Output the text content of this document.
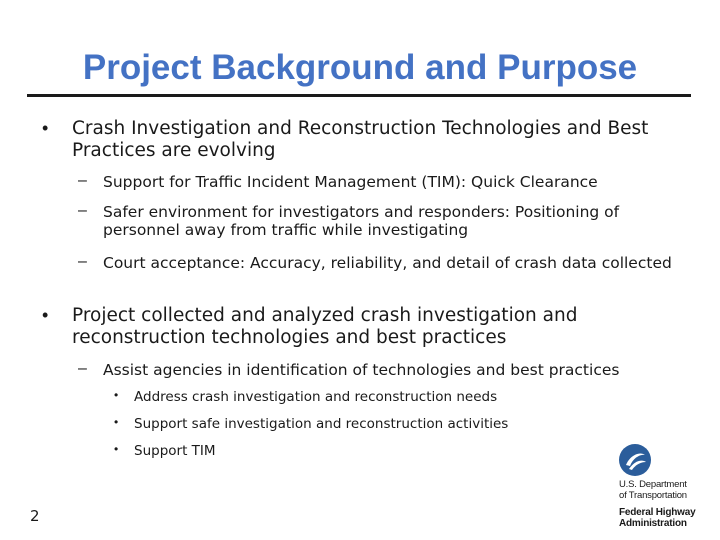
Project Background and Purpose
• Crash Investigation and Reconstruction Technologies and Best Practices are evolving
– Support for Traffic Incident Management (TIM): Quick Clearance
– Safer environment for investigators and responders: Positioning of personnel away from traffic while investigating
– Court acceptance: Accuracy, reliability, and detail of crash data collected
• Project collected and analyzed crash investigation and reconstruction technologies and best practices
– Assist agencies in identification of technologies and best practices
• Address crash investigation and reconstruction needs
• Support safe investigation and reconstruction activities
• Support TIM
2
U.S. Department
of Transportation
Federal Highway
Administration
